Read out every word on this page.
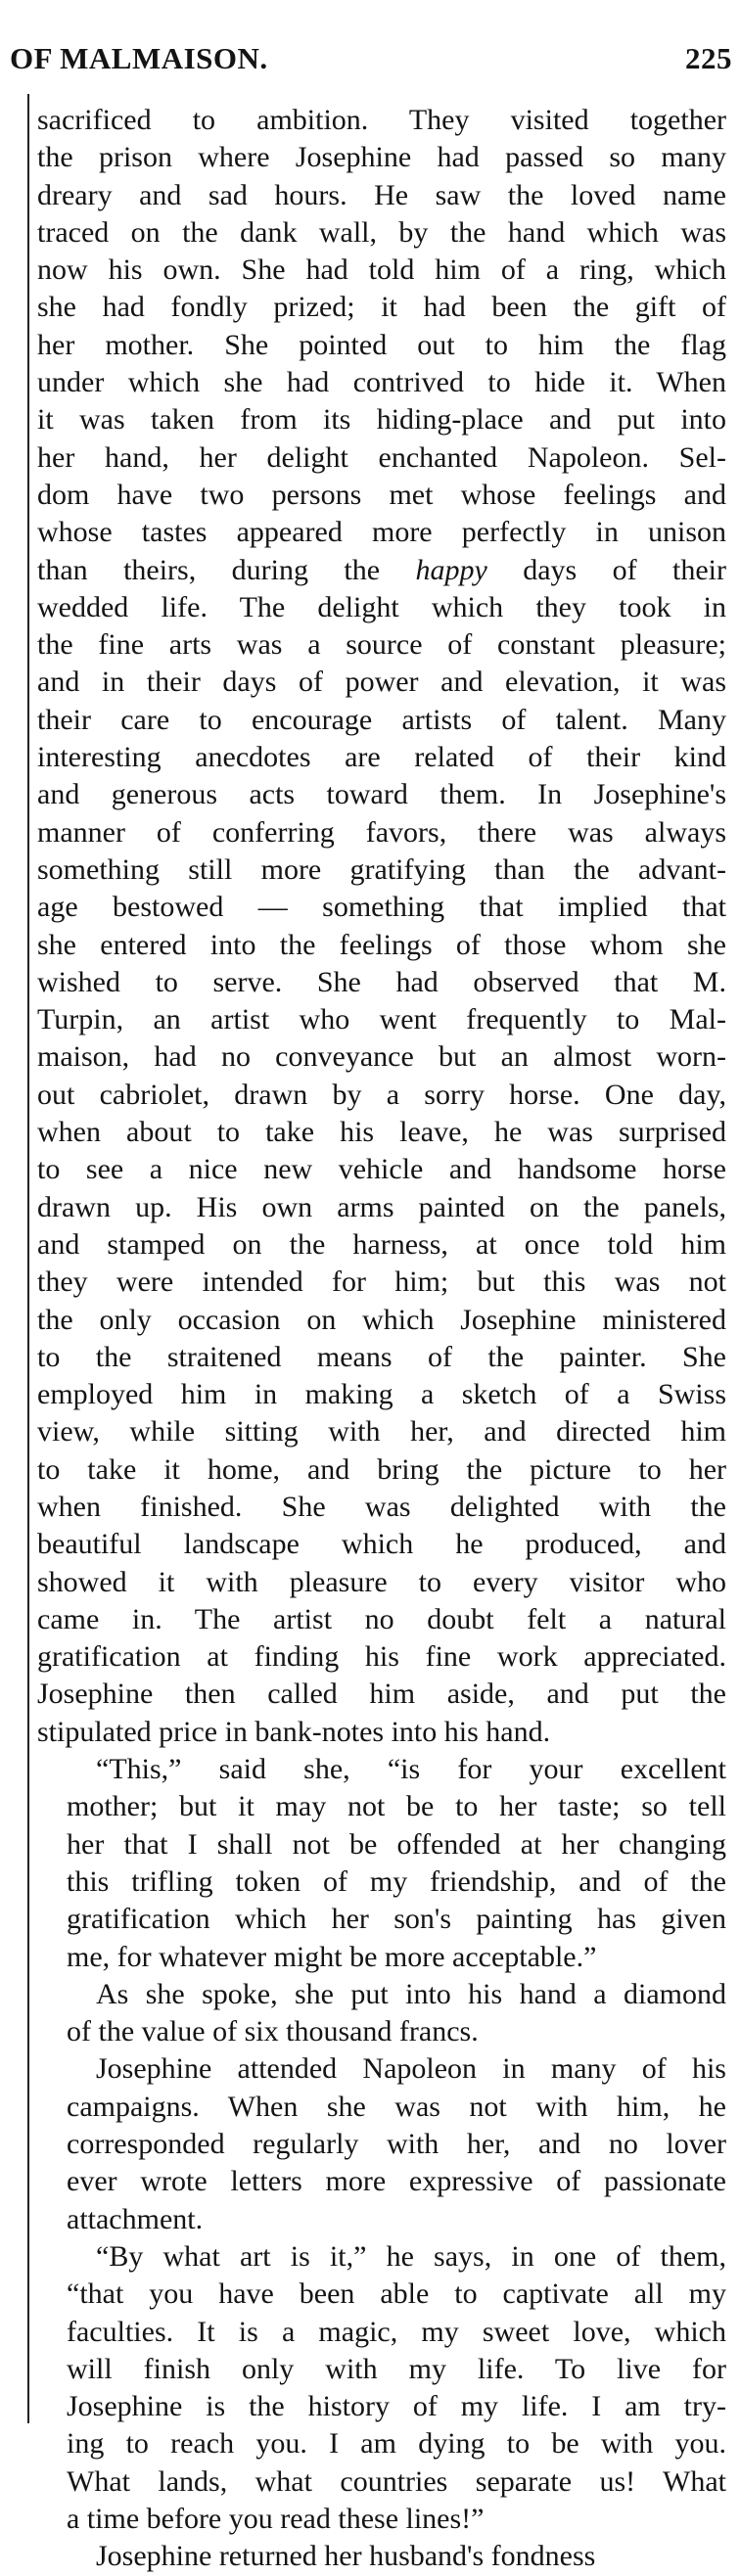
OF MALMAISON.	225

sacrificed to ambition. They visited together
the prison where Josephine had passed so many
dreary and sad hours. He saw the loved name
traced on the dank wall, by the hand which was
now his own. She had told him of a ring, which
she had fondly prized; it had been the gift of
her mother. She pointed out to him the flag
under which she had contrived to hide it. When
it was taken from its hiding-place and put into
her hand, her delight enchanted Napoleon. Sel-
dom have two persons met whose feelings and
whose tastes appeared more perfectly in unison
than theirs, during the happy days of their
wedded life. The delight which they took in
the fine arts was a source of constant pleasure;
and in their days of power and elevation, it was
their care to encourage artists of talent. Many
interesting anecdotes are related of their kind
and generous acts toward them. In Josephine's
manner of conferring favors, there was always
something still more gratifying than the advant-
age bestowed — something that implied that
she entered into the feelings of those whom she
wished to serve. She had observed that M.
Turpin, an artist who went frequently to Mal-
maison, had no conveyance but an almost worn-
out cabriolet, drawn by a sorry horse. One day,
when about to take his leave, he was surprised
to see a nice new vehicle and handsome horse
drawn up. His own arms painted on the panels,
and stamped on the harness, at once told him
they were intended for him; but this was not
the only occasion on which Josephine ministered
to the straitened means of the painter. She
employed him in making a sketch of a Swiss
view, while sitting with her, and directed him
to take it home, and bring the picture to her
when finished. She was delighted with the
beautiful landscape which he produced, and
showed it with pleasure to every visitor who
came in. The artist no doubt felt a natural
gratification at finding his fine work appreciated.
Josephine then called him aside, and put the
stipulated price in bank-notes into his hand.

“This,” said she, “is for your excellent
mother; but it may not be to her taste; so tell
her that I shall not be offended at her changing
this trifling token of my friendship, and of the
gratification which her son's painting has given
me, for whatever might be more acceptable.”

As she spoke, she put into his hand a diamond
of the value of six thousand francs.

Josephine attended Napoleon in many of his
campaigns. When she was not with him, he
corresponded regularly with her, and no lover
ever wrote letters more expressive of passionate
attachment.

“By what art is it,” he says, in one of them,
“that you have been able to captivate all my
faculties. It is a magic, my sweet love, which
will finish only with my life. To live for
Josephine is the history of my life. I am try-
ing to reach you. I am dying to be with you.
What lands, what countries separate us! What
a time before you read these lines!”

Josephine returned her husband's fondness
